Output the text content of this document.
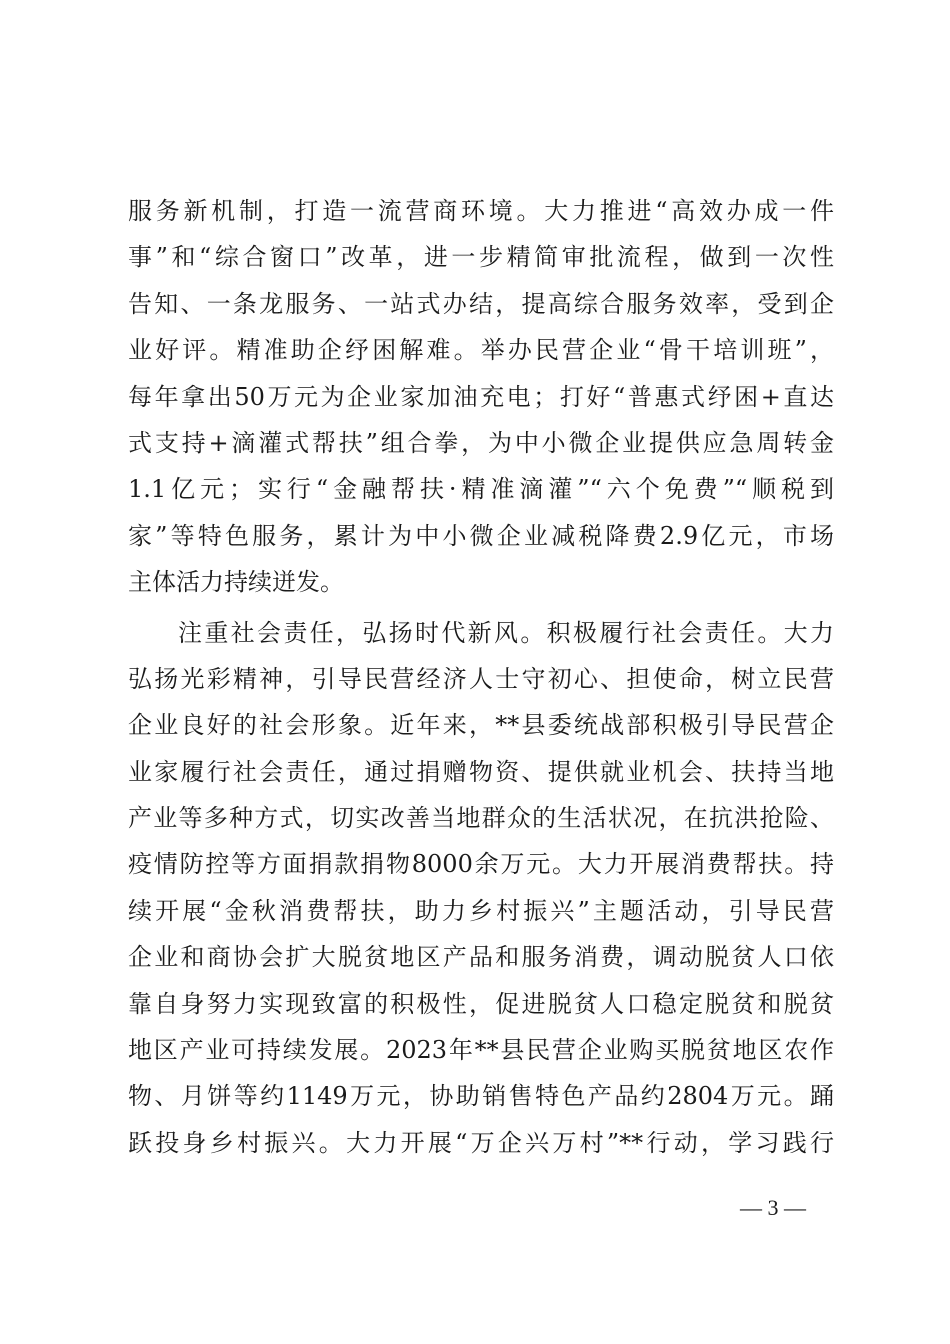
服务新机制，打造一流营商环境。大力推进“高效办成一件
事”和“综合窗口”改革，进一步精简审批流程，做到一次性
告知、一条龙服务、一站式办结，提高综合服务效率，受到企
业好评。精准助企纾困解难。举办民营企业“骨干培训班”，
每年拿出50万元为企业家加油充电；打好“普惠式纾困+直达
式支持+滴灌式帮扶”组合拳，为中小微企业提供应急周转金
1.1亿元；实行“金融帮扶·精准滴灌”“六个免费”“顺税到
家”等特色服务，累计为中小微企业减税降费2.9亿元，市场
主体活力持续迸发。
注重社会责任，弘扬时代新风。积极履行社会责任。大力
弘扬光彩精神，引导民营经济人士守初心、担使命，树立民营
企业良好的社会形象。近年来，**县委统战部积极引导民营企
业家履行社会责任，通过捐赠物资、提供就业机会、扶持当地
产业等多种方式，切实改善当地群众的生活状况，在抗洪抢险、
疫情防控等方面捐款捐物8000余万元。大力开展消费帮扶。持
续开展“金秋消费帮扶，助力乡村振兴”主题活动，引导民营
企业和商协会扩大脱贫地区产品和服务消费，调动脱贫人口依
靠自身努力实现致富的积极性，促进脱贫人口稳定脱贫和脱贫
地区产业可持续发展。2023年**县民营企业购买脱贫地区农作
物、月饼等约1149万元，协助销售特色产品约2804万元。踊
跃投身乡村振兴。大力开展“万企兴万村”**行动，学习践行
— 3 —
